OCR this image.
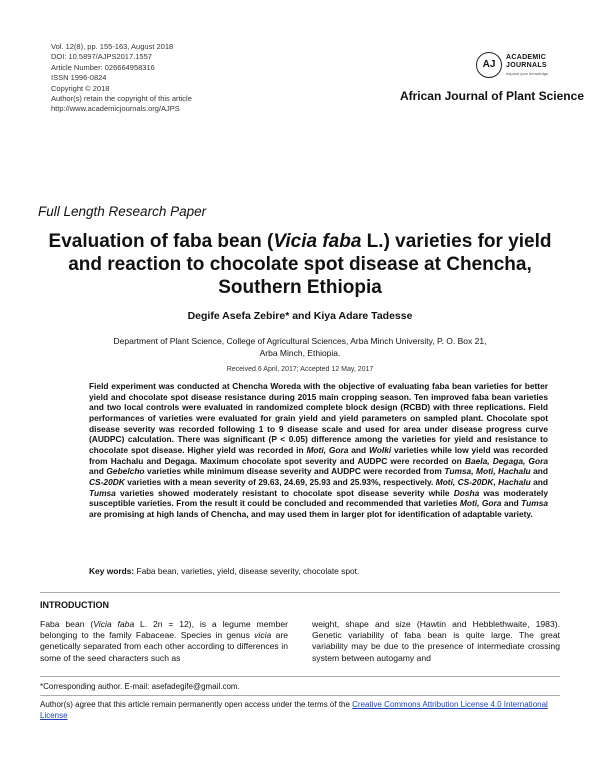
Vol. 12(8), pp. 155-163, August 2018
DOI: 10.5897/AJPS2017.1557
Article Number: 026664958316
ISSN 1996-0824
Copyright © 2018
Author(s) retain the copyright of this article
http://www.academicjournals.org/AJPS
AJ
ACADEMIC
JOURNALS
expand your knowledge
African Journal of Plant Science
Full Length Research Paper
Evaluation of faba bean (Vicia faba L.) varieties for yield and reaction to chocolate spot disease at Chencha, Southern Ethiopia
Degife Asefa Zebire* and Kiya Adare Tadesse
Department of Plant Science, College of Agricultural Sciences, Arba Minch University, P. O. Box 21, Arba Minch, Ethiopia.
Received 6 April, 2017; Accepted 12 May, 2017
Field experiment was conducted at Chencha Woreda with the objective of evaluating faba bean varieties for better yield and chocolate spot disease resistance during 2015 main cropping season. Ten improved faba bean varieties and two local controls were evaluated in randomized complete block design (RCBD) with three replications. Field performances of varieties were evaluated for grain yield and yield parameters on sampled plant. Chocolate spot disease severity was recorded following 1 to 9 disease scale and used for area under disease progress curve (AUDPC) calculation. There was significant (P < 0.05) difference among the varieties for yield and resistance to chocolate spot disease. Higher yield was recorded in Moti, Gora and Wolki varieties while low yield was recorded from Hachalu and Degaga. Maximum chocolate spot severity and AUDPC were recorded on Baela, Degaga, Gora and Gebelcho varieties while minimum disease severity and AUDPC were recorded from Tumsa, Moti, Hachalu and CS-20DK varieties with a mean severity of 29.63, 24.69, 25.93 and 25.93%, respectively. Moti, CS-20DK, Hachalu and Tumsa varieties showed moderately resistant to chocolate spot disease severity while Dosha was moderately susceptible varieties. From the result it could be concluded and recommended that varieties Moti, Gora and Tumsa are promising at high lands of Chencha, and may used them in larger plot for identification of adaptable variety.
Key words: Faba bean, varieties, yield, disease severity, chocolate spot.
INTRODUCTION
Faba bean (Vicia faba L. 2n = 12), is a legume member belonging to the family Fabaceae. Species in genus vicia are genetically separated from each other according to differences in some of the seed characters such as
weight, shape and size (Hawtin and Hebblethwaite, 1983). Genetic variability of faba bean is quite large. The great variability may be due to the presence of intermediate crossing system between autogamy and
*Corresponding author. E-mail: asefadegife@gmail.com.
Author(s) agree that this article remain permanently open access under the terms of the Creative Commons Attribution License 4.0 International License
